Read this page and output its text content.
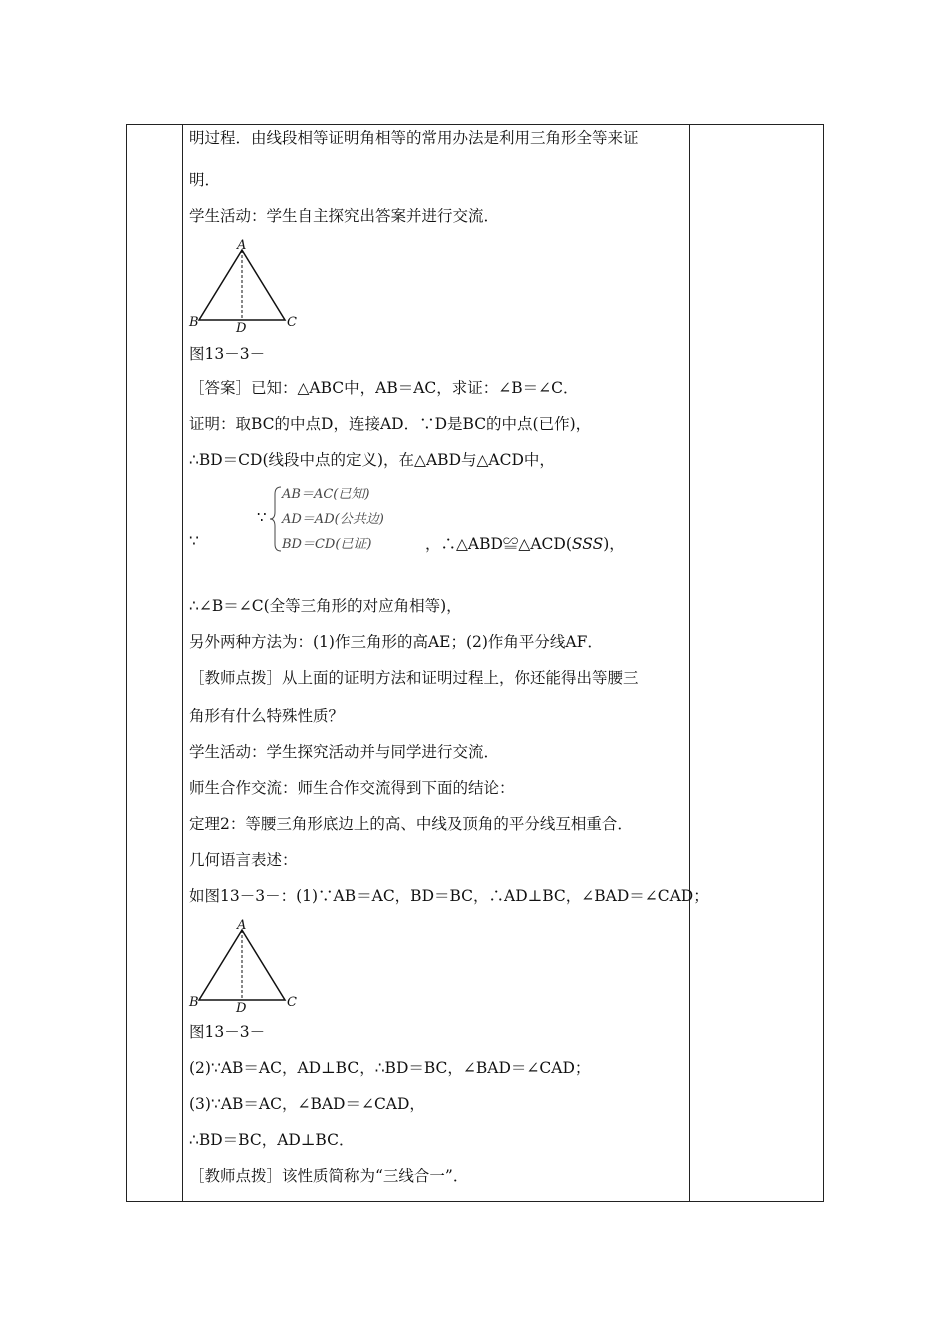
明过程．由线段相等证明角相等的常用办法是利用三角形全等来证
明．
学生活动：学生自主探究出答案并进行交流．
A
B	C
D
图13－3－
［答案］已知：△ABC中，AB＝AC，求证：∠B＝∠C．
证明：取BC的中点D，连接AD．∵D是BC的中点(已作)，
∴BD＝CD(线段中点的定义)，在△ABD与△ACD中，
∵
∵
AB＝AC(已知)
AD＝AD(公共边)
BD＝CD(已证)	，∴△ABD≌△ACD(SSS)，
∴∠B＝∠C(全等三角形的对应角相等)，
另外两种方法为：(1)作三角形的高AE；(2)作角平分线AF．
［教师点拨］从上面的证明方法和证明过程上，你还能得出等腰三
角形有什么特殊性质？
学生活动：学生探究活动并与同学进行交流．
师生合作交流：师生合作交流得到下面的结论：
定理2：等腰三角形底边上的高、中线及顶角的平分线互相重合．
几何语言表述：
如图13－3－：(1)∵AB＝AC，BD＝BC，∴AD⊥BC，∠BAD＝∠CAD；
A
B	C
D
图13－3－
(2)∵AB＝AC，AD⊥BC，∴BD＝BC，∠BAD＝∠CAD；
(3)∵AB＝AC，∠BAD＝∠CAD，
∴BD＝BC，AD⊥BC．
［教师点拨］该性质简称为“三线合一”．
